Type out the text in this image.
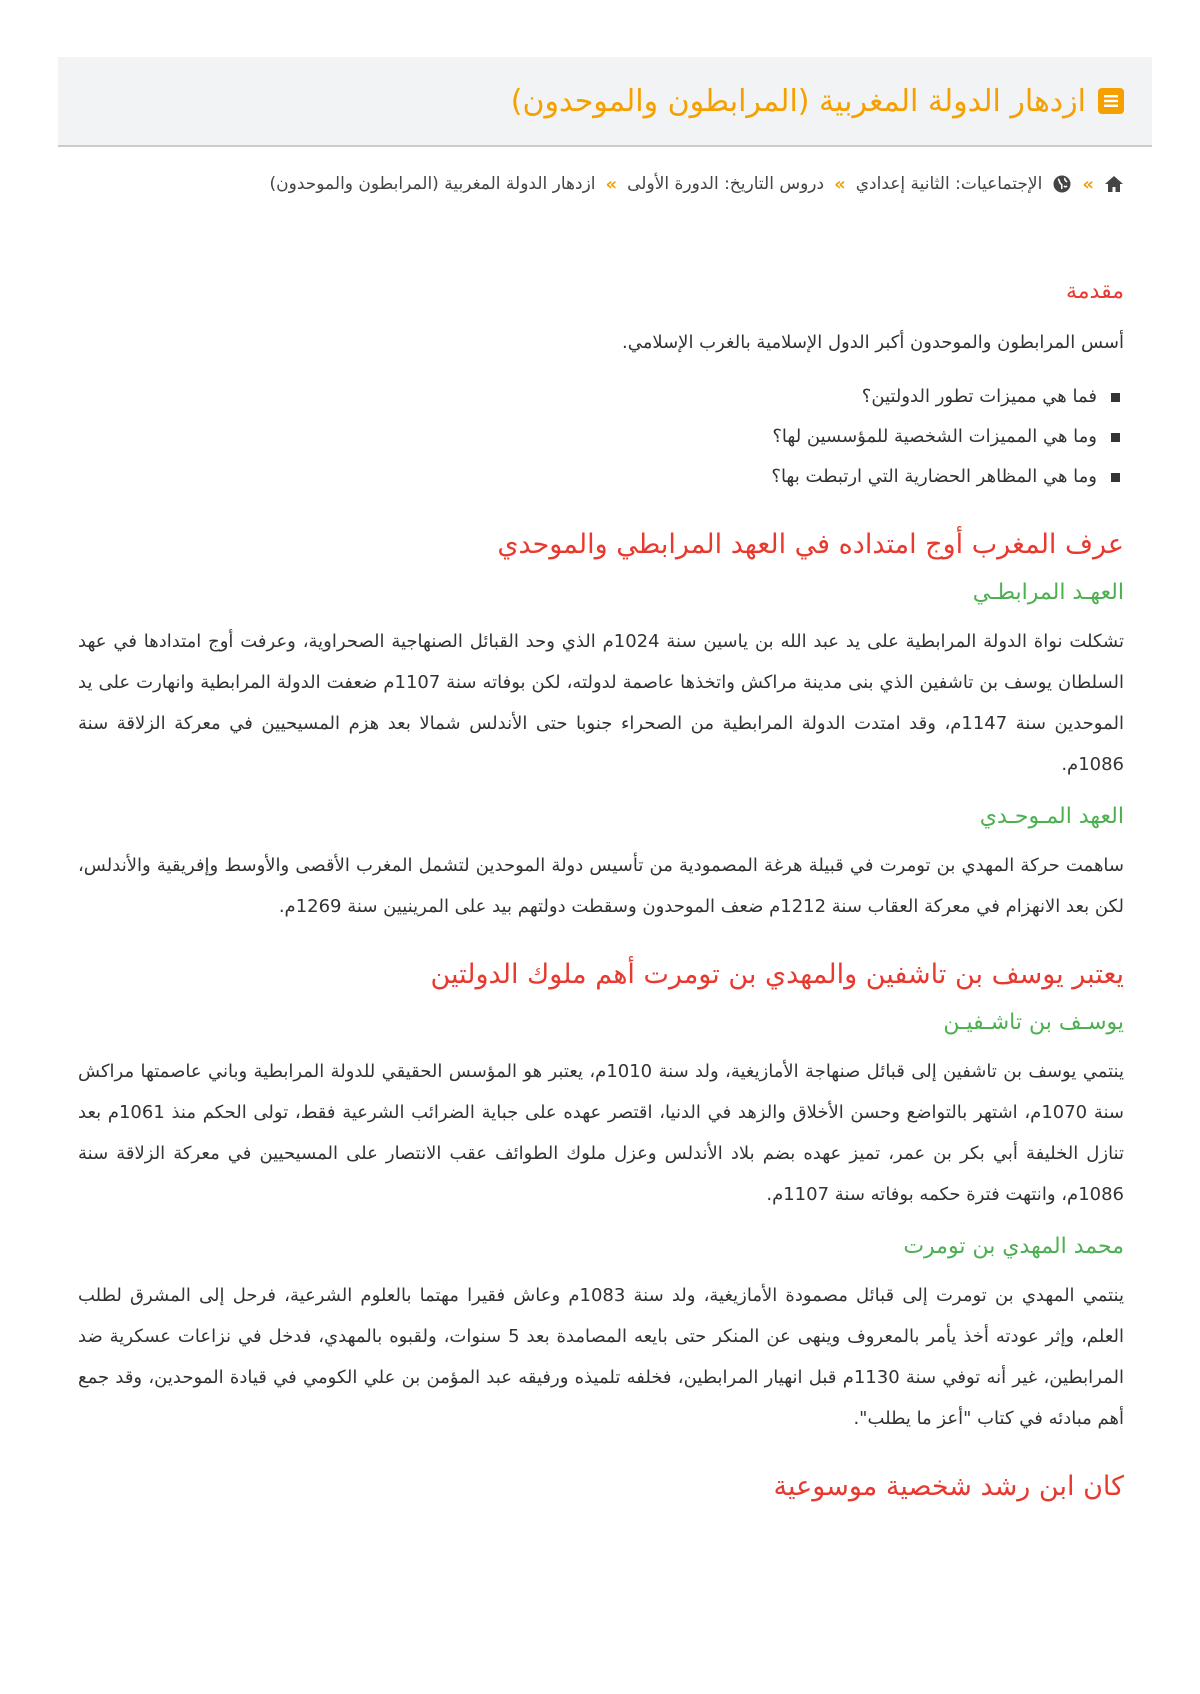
ازدهار الدولة المغربية (المرابطون والموحدون)
»
الإجتماعيات: الثانية إعدادي
»
دروس التاريخ: الدورة الأولى
»
ازدهار الدولة المغربية (المرابطون والموحدون)
مقدمة

أسس المرابطون والموحدون أكبر الدول الإسلامية بالغرب الإسلامي.

فما هي مميزات تطور الدولتين؟
وما هي المميزات الشخصية للمؤسسين لها؟
وما هي المظاهر الحضارية التي ارتبطت بها؟
عرف المغرب أوج امتداده في العهد المرابطي والموحدي
العهـد المرابطـي

تشكلت نواة الدولة المرابطية على يد عبد الله بن ياسين سنة 1024م الذي وحد القبائل الصنهاجية الصحراوية، وعرفت أوج امتدادها في عهد السلطان يوسف بن تاشفين الذي بنى مدينة مراكش واتخذها عاصمة لدولته، لكن بوفاته سنة 1107م ضعفت الدولة المرابطية وانهارت على يد الموحدين سنة 1147م، وقد امتدت الدولة المرابطية من الصحراء جنوبا حتى الأندلس شمالا بعد هزم المسيحيين في معركة الزلاقة سنة 1086م.

العهد المـوحـدي

ساهمت حركة المهدي بن تومرت في قبيلة هرغة المصمودية من تأسيس دولة الموحدين لتشمل المغرب الأقصى والأوسط وإفريقية والأندلس، لكن بعد الانهزام في معركة العقاب سنة 1212م ضعف الموحدون وسقطت دولتهم بيد على المرينيين سنة 1269م.

يعتبر يوسف بن تاشفين والمهدي بن تومرت أهم ملوك الدولتين
يوسـف بن تاشـفيـن

ينتمي يوسف بن تاشفين إلى قبائل صنهاجة الأمازيغية، ولد سنة 1010م، يعتبر هو المؤسس الحقيقي للدولة المرابطية وباني عاصمتها مراكش سنة 1070م، اشتهر بالتواضع وحسن الأخلاق والزهد في الدنيا، اقتصر عهده على جباية الضرائب الشرعية فقط، تولى الحكم منذ 1061م بعد تنازل الخليفة أبي بكر بن عمر، تميز عهده بضم بلاد الأندلس وعزل ملوك الطوائف عقب الانتصار على المسيحيين في معركة الزلاقة سنة 1086م، وانتهت فترة حكمه بوفاته سنة 1107م.

محمد المهدي بن تومرت

ينتمي المهدي بن تومرت إلى قبائل مصمودة الأمازيغية، ولد سنة 1083م وعاش فقيرا مهتما بالعلوم الشرعية، فرحل إلى المشرق لطلب العلم، وإثر عودته أخذ يأمر بالمعروف وينهى عن المنكر حتى بايعه المصامدة بعد 5 سنوات، ولقبوه بالمهدي، فدخل في نزاعات عسكرية ضد المرابطين، غير أنه توفي سنة 1130م قبل انهيار المرابطين، فخلفه تلميذه ورفيقه عبد المؤمن بن علي الكومي في قيادة الموحدين، وقد جمع أهم مبادئه في كتاب "أعز ما يطلب".

كان ابن رشد شخصية موسوعية
